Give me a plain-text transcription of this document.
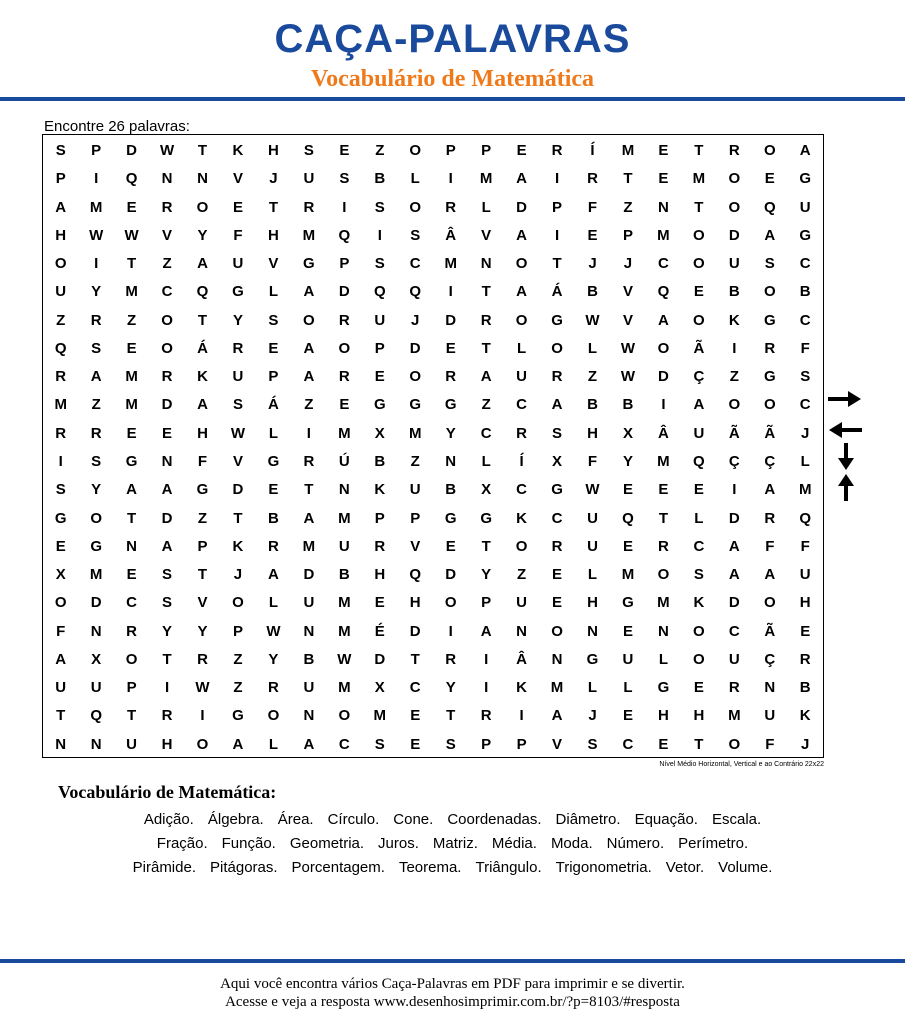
CAÇA-PALAVRAS
Vocabulário de Matemática
Encontre 26 palavras:
S	P	D	W	T	K	H	S	E	Z	O	P	P	E	R	Í	M	E	T	R	O	A
P	I	Q	N	N	V	J	U	S	B	L	I	M	A	I	R	T	E	M	O	E	G
A	M	E	R	O	E	T	R	I	S	O	R	L	D	P	F	Z	N	T	O	Q	U
H	W	W	V	Y	F	H	M	Q	I	S	Â	V	A	I	E	P	M	O	D	A	G
O	I	T	Z	A	U	V	G	P	S	C	M	N	O	T	J	J	C	O	U	S	C
U	Y	M	C	Q	G	L	A	D	Q	Q	I	T	A	Á	B	V	Q	E	B	O	B
Z	R	Z	O	T	Y	S	O	R	U	J	D	R	O	G	W	V	A	O	K	G	C
Q	S	E	O	Á	R	E	A	O	P	D	E	T	L	O	L	W	O	Ã	I	R	F
R	A	M	R	K	U	P	A	R	E	O	R	A	U	R	Z	W	D	Ç	Z	G	S
M	Z	M	D	A	S	Á	Z	E	G	G	G	Z	C	A	B	B	I	A	O	O	C
R	R	E	E	H	W	L	I	M	X	M	Y	C	R	S	H	X	Â	U	Ã	Ã	J
I	S	G	N	F	V	G	R	Ú	B	Z	N	L	Í	X	F	Y	M	Q	Ç	Ç	L
S	Y	A	A	G	D	E	T	N	K	U	B	X	C	G	W	E	E	E	I	A	M
G	O	T	D	Z	T	B	A	M	P	P	G	G	K	C	U	Q	T	L	D	R	Q
E	G	N	A	P	K	R	M	U	R	V	E	T	O	R	U	E	R	C	A	F	F
X	M	E	S	T	J	A	D	B	H	Q	D	Y	Z	E	L	M	O	S	A	A	U
O	D	C	S	V	O	L	U	M	E	H	O	P	U	E	H	G	M	K	D	O	H
F	N	R	Y	Y	P	W	N	M	É	D	I	A	N	O	N	E	N	O	C	Ã	E
A	X	O	T	R	Z	Y	B	W	D	T	R	I	Â	N	G	U	L	O	U	Ç	R
U	U	P	I	W	Z	R	U	M	X	C	Y	I	K	M	L	L	G	E	R	N	B
T	Q	T	R	I	G	O	N	O	M	E	T	R	I	A	J	E	H	H	M	U	K
N	N	U	H	O	A	L	A	C	S	E	S	P	P	V	S	C	E	T	O	F	J
Nível Médio Horizontal, Vertical e ao Contrário 22x22
Vocabulário de Matemática:
Adição. Álgebra. Área. Círculo. Cone. Coordenadas. Diâmetro. Equação. Escala.
Fração. Função. Geometria. Juros. Matriz. Média. Moda. Número. Perímetro.
Pirâmide. Pitágoras. Porcentagem. Teorema. Triângulo. Trigonometria. Vetor. Volume.
Aqui você encontra vários Caça-Palavras em PDF para imprimir e se divertir.
Acesse e veja a resposta www.desenhosimprimir.com.br/?p=8103/#resposta
